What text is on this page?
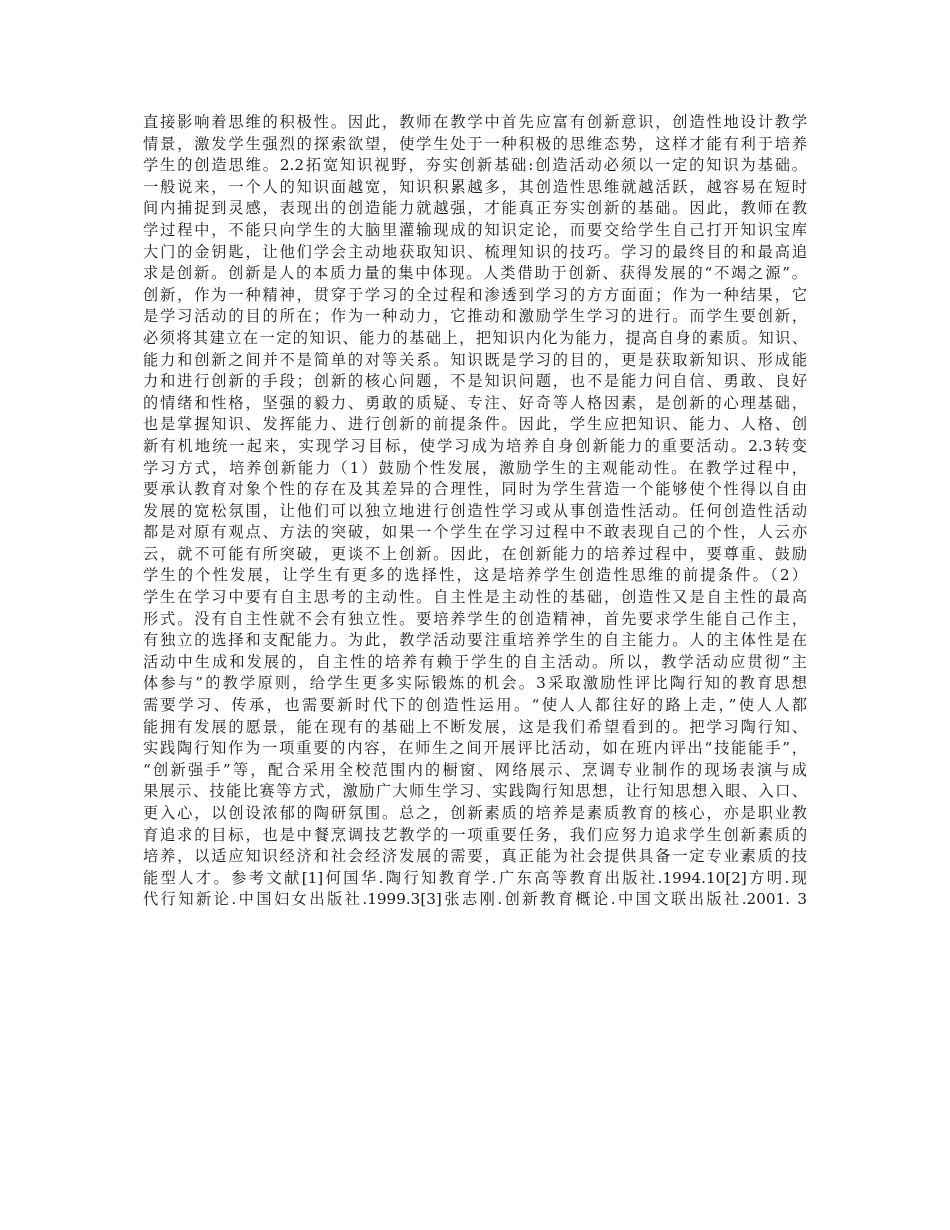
直接影响着思维的积极性。因此，教师在教学中首先应富有创新意识，创造性地设计教学
情景，激发学生强烈的探索欲望，使学生处于一种积极的思维态势，这样才能有利于培养
学生的创造思维。2.2拓宽知识视野，夯实创新基础:创造活动必须以一定的知识为基础。
一般说来，一个人的知识面越宽，知识积累越多，其创造性思维就越活跃，越容易在短时
间内捕捉到灵感，表现出的创造能力就越强，才能真正夯实创新的基础。因此，教师在教
学过程中，不能只向学生的大脑里灌输现成的知识定论，而要交给学生自己打开知识宝库
大门的金钥匙，让他们学会主动地获取知识、梳理知识的技巧。学习的最终目的和最高追
求是创新。创新是人的本质力量的集中体现。人类借助于创新、获得发展的“不竭之源”。
创新，作为一种精神，贯穿于学习的全过程和渗透到学习的方方面面；作为一种结果，它
是学习活动的目的所在；作为一种动力，它推动和激励学生学习的进行。而学生要创新，
必须将其建立在一定的知识、能力的基础上，把知识内化为能力，提高自身的素质。知识、
能力和创新之间并不是简单的对等关系。知识既是学习的目的，更是获取新知识、形成能
力和进行创新的手段；创新的核心问题，不是知识问题，也不是能力问自信、勇敢、良好
的情绪和性格，坚强的毅力、勇敢的质疑、专注、好奇等人格因素，是创新的心理基础，
也是掌握知识、发挥能力、进行创新的前提条件。因此，学生应把知识、能力、人格、创
新有机地统一起来，实现学习目标，使学习成为培养自身创新能力的重要活动。2.3转变
学习方式，培养创新能力（1）鼓励个性发展，激励学生的主观能动性。在教学过程中，
要承认教育对象个性的存在及其差异的合理性，同时为学生营造一个能够使个性得以自由
发展的宽松氛围，让他们可以独立地进行创造性学习或从事创造性活动。任何创造性活动
都是对原有观点、方法的突破，如果一个学生在学习过程中不敢表现自己的个性，人云亦
云，就不可能有所突破，更谈不上创新。因此，在创新能力的培养过程中，要尊重、鼓励
学生的个性发展，让学生有更多的选择性，这是培养学生创造性思维的前提条件。（2）
学生在学习中要有自主思考的主动性。自主性是主动性的基础，创造性又是自主性的最高
形式。没有自主性就不会有独立性。要培养学生的创造精神，首先要求学生能自己作主，
有独立的选择和支配能力。为此，教学活动要注重培养学生的自主能力。人的主体性是在
活动中生成和发展的，自主性的培养有赖于学生的自主活动。所以，教学活动应贯彻“主
体参与”的教学原则，给学生更多实际锻炼的机会。3采取激励性评比陶行知的教育思想
需要学习、传承，也需要新时代下的创造性运用。“使人人都往好的路上走，”使人人都
能拥有发展的愿景，能在现有的基础上不断发展，这是我们希望看到的。把学习陶行知、
实践陶行知作为一项重要的内容，在师生之间开展评比活动，如在班内评出“技能能手”，
“创新强手”等，配合采用全校范围内的橱窗、网络展示、烹调专业制作的现场表演与成
果展示、技能比赛等方式，激励广大师生学习、实践陶行知思想，让行知思想入眼、入口、
更入心，以创设浓郁的陶研氛围。总之，创新素质的培养是素质教育的核心，亦是职业教
育追求的目标，也是中餐烹调技艺教学的一项重要任务，我们应努力追求学生创新素质的
培养，以适应知识经济和社会经济发展的需要，真正能为社会提供具备一定专业素质的技
能型人才。参考文献[1]何国华.陶行知教育学.广东高等教育出版社.1994.10[2]方明.现
代行知新论.中国妇女出版社.1999.3[3]张志刚.创新教育概论.中国文联出版社.2001. 3
